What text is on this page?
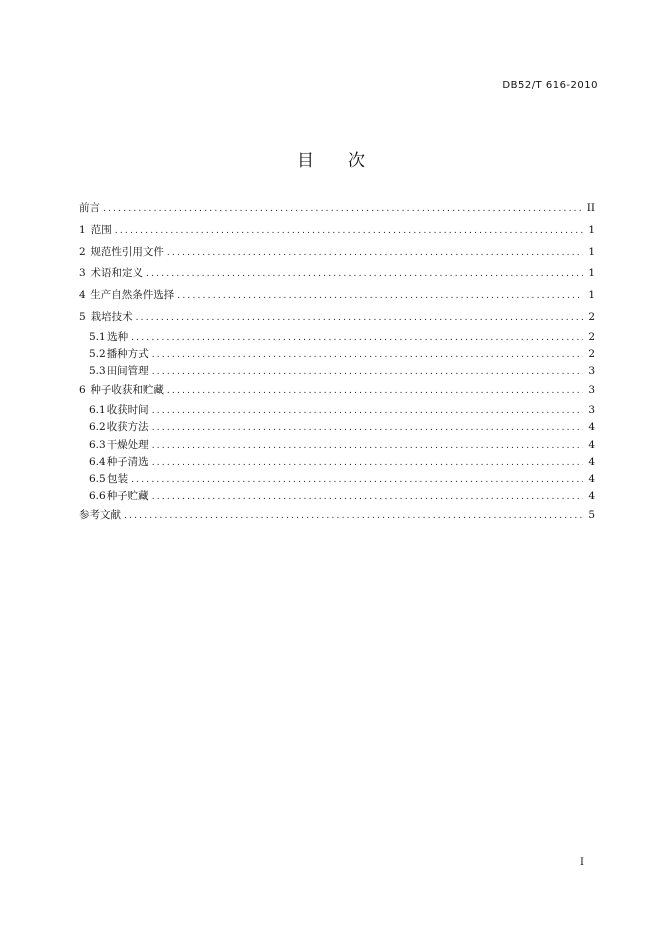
DB52/T 616-2010
目　　次
前言 .....	II
1 范围 .....	1
2 规范性引用文件 .....	1
3 术语和定义 .....	1
4 生产自然条件选择 .....	1
5 栽培技术 .....	2
5.1 选种 .....	2
5.2 播种方式 .....	2
5.3 田间管理 .....	3
6 种子收获和贮藏 .....	3
6.1 收获时间 .....	3
6.2 收获方法 .....	4
6.3 干燥处理 .....	4
6.4 种子清选 .....	4
6.5 包装 .....	4
6.6 种子贮藏 .....	4
参考文献 .....	5
I
